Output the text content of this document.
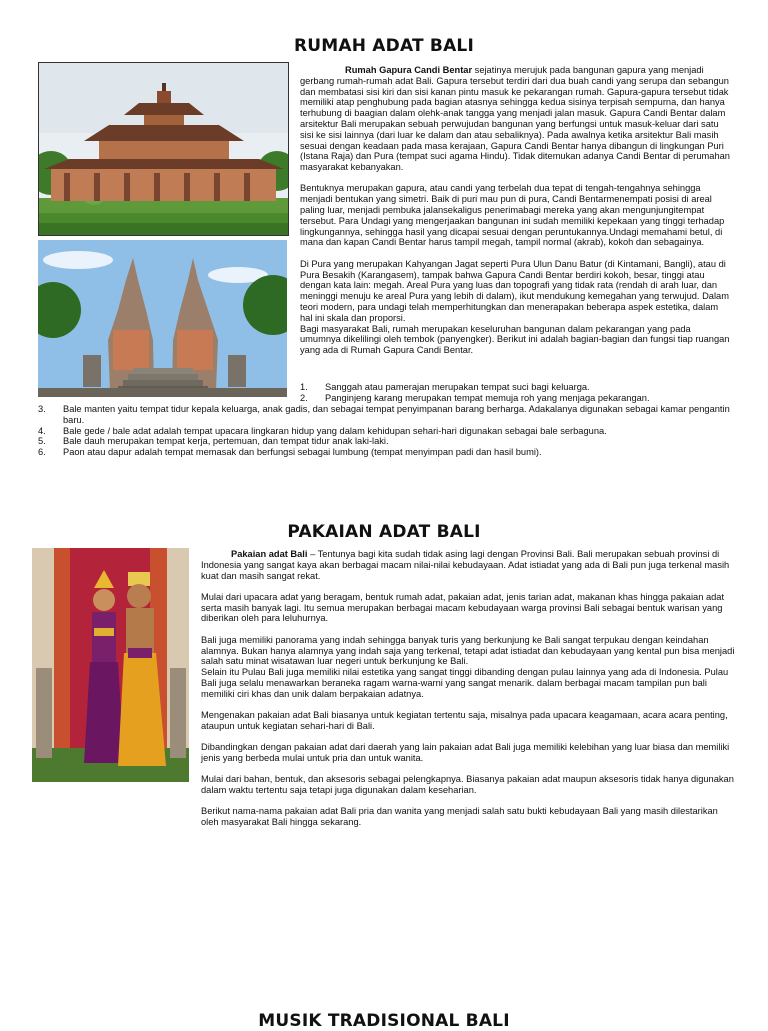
RUMAH ADAT BALI

Rumah Gapura Candi Bentar sejatinya merujuk pada bangunan gapura yang menjadi gerbang rumah-rumah adat Bali. Gapura tersebut terdiri dari dua buah candi yang serupa dan sebangun dan membatasi sisi kiri dan sisi kanan pintu masuk ke pekarangan rumah. Gapura-gapura tersebut tidak memiliki atap penghubung pada bagian atasnya sehingga kedua sisinya terpisah sempurna, dan hanya terhubung di baagian dalam olehk-anak tangga yang menjadi jalan masuk. Gapura Candi Bentar dalam arsitektur Bali merupakan sebuah perwujudan bangunan yang berfungsi untuk masuk-keluar dari satu sisi ke sisi lainnya (dari luar ke dalam dan atau sebaliknya). Pada awalnya ketika arsitektur Bali masih sesuai dengan keadaan pada masa kerajaan, Gapura Candi Bentar hanya dibangun di lingkungan Puri (Istana Raja) dan Pura (tempat suci agama Hindu). Tidak ditemukan adanya Candi Bentar di perumahan masyarakat kebanyakan.

Bentuknya merupakan gapura, atau candi yang terbelah dua tepat di tengah-tengahnya sehingga menjadi bentukan yang simetri. Baik di puri mau pun di pura, Candi Bentarmenempati posisi di areal paling luar, menjadi pembuka jalansekaligus penerimabagi mereka yang akan mengunjungitempat tersebut. Para Undagi yang mengerjaakan bangunan ini sudah memiliki kepekaan yang tinggi terhadap lingkungannya, sehingga hasil yang dicapai sesuai dengan peruntukannya.Undagi memahami betul, di mana dan kapan Candi Bentar harus tampil megah, tampil normal (akrab), kokoh dan sebagainya.

Di Pura yang merupakan Kahyangan Jagat seperti Pura Ulun Danu Batur (di Kintamani, Bangli), atau di Pura Besakih (Karangasem), tampak bahwa Gapura Candi Bentar berdiri kokoh, besar, tinggi atau dengan kata lain: megah. Areal Pura yang luas dan topografi yang tidak rata (rendah di arah luar, dan meninggi menuju ke areal Pura yang lebih di dalam), ikut mendukung kemegahan yang terwujud. Dalam teori modern, para undagi telah memperhitungkan dan menerapakan beberapa aspek estetika, dalam hal ini skala dan proporsi.

Bagi masyarakat Bali, rumah merupakan keseluruhan bangunan dalam pekarangan yang pada umumnya dikelilingi oleh tembok (panyengker). Berikut ini adalah bagian-bagian dan fungsi tiap ruangan yang ada di Rumah Gapura Candi Bentar.

1. Sanggah atau pamerajan merupakan tempat suci bagi keluarga.
2. Panginjeng karang merupakan tempat memuja roh yang menjaga pekarangan.
3. Bale manten yaitu tempat tidur kepala keluarga, anak gadis, dan sebagai tempat penyimpanan barang berharga. Adakalanya digunakan sebagai kamar pengantin baru.
4. Bale gede / bale adat adalah tempat upacara lingkaran hidup yang dalam kehidupan sehari-hari digunakan sebagai bale serbaguna.
5. Bale dauh merupakan tempat kerja, pertemuan, dan tempat tidur anak laki-laki.
6. Paon atau dapur adalah tempat memasak dan berfungsi sebagai lumbung (tempat menyimpan padi dan hasil bumi).
PAKAIAN ADAT BALI

Pakaian adat Bali – Tentunya bagi kita sudah tidak asing lagi dengan Provinsi Bali. Bali merupakan sebuah provinsi di Indonesia yang sangat kaya akan berbagai macam nilai-nilai kebudayaan. Adat istiadat yang ada di Bali pun juga terkenal masih kuat dan masih sangat rekat.

Mulai dari upacara adat yang beragam, bentuk rumah adat, pakaian adat, jenis tarian adat, makanan khas hingga pakaian adat serta masih banyak lagi. Itu semua merupakan berbagai macam kebudayaan warga provinsi Bali sebagai bentuk warisan yang diberikan oleh para leluhurnya.

Bali juga memiliki panorama yang indah sehingga banyak turis yang berkunjung ke Bali sangat terpukau dengan keindahan alamnya. Bukan hanya alamnya yang indah saja yang terkenal, tetapi adat istiadat dan kebudayaan yang kental pun bisa menjadi salah satu minat wisatawan luar negeri untuk berkunjung ke Bali.

Selain itu Pulau Bali juga memiliki nilai estetika yang sangat tinggi dibanding dengan pulau lainnya yang ada di Indonesia. Pulau Bali juga selalu menawarkan beraneka ragam warna-warni yang sangat menarik. dalam berbagai macam tampilan pun bali memiliki ciri khas dan unik dalam berpakaian adatnya.

Mengenakan pakaian adat Bali biasanya untuk kegiatan tertentu saja, misalnya pada upacara keagamaan, acara acara penting, ataupun untuk kegiatan sehari-hari di Bali.

Dibandingkan dengan pakaian adat dari daerah yang lain pakaian adat Bali juga memiliki kelebihan yang luar biasa dan memiliki jenis yang berbeda mulai untuk pria dan untuk wanita.

Mulai dari bahan, bentuk, dan aksesoris sebagai pelengkapnya. Biasanya pakaian adat maupun aksesoris tidak hanya digunakan dalam waktu tertentu saja tetapi juga digunakan dalam keseharian.

Berikut nama-nama pakaian adat Bali pria dan wanita yang menjadi salah satu bukti kebudayaan Bali yang masih dilestarikan oleh masyarakat Bali hingga sekarang.

MUSIK TRADISIONAL BALI
